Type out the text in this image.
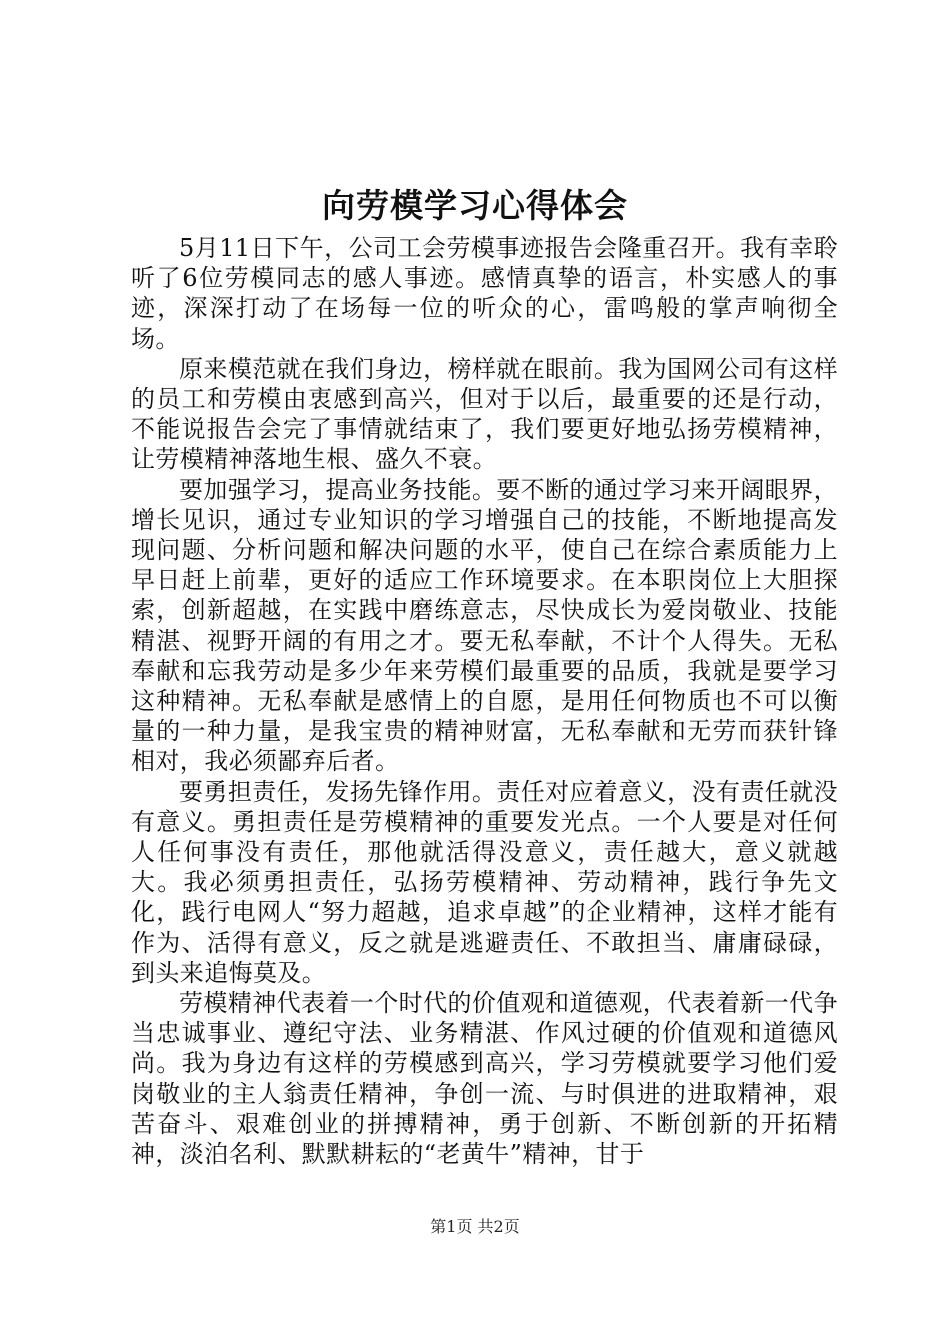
向劳模学习心得体会

5月11日下午，公司工会劳模事迹报告会隆重召开。我有幸聆听了6位劳模同志的感人事迹。感情真挚的语言，朴实感人的事迹，深深打动了在场每一位的听众的心，雷鸣般的掌声响彻全场。

原来模范就在我们身边，榜样就在眼前。我为国网公司有这样的员工和劳模由衷感到高兴，但对于以后，最重要的还是行动，不能说报告会完了事情就结束了，我们要更好地弘扬劳模精神，让劳模精神落地生根、盛久不衰。

要加强学习，提高业务技能。要不断的通过学习来开阔眼界，增长见识，通过专业知识的学习增强自己的技能，不断地提高发现问题、分析问题和解决问题的水平，使自己在综合素质能力上早日赶上前辈，更好的适应工作环境要求。在本职岗位上大胆探索，创新超越，在实践中磨练意志，尽快成长为爱岗敬业、技能精湛、视野开阔的有用之才。要无私奉献，不计个人得失。无私奉献和忘我劳动是多少年来劳模们最重要的品质，我就是要学习这种精神。无私奉献是感情上的自愿，是用任何物质也不可以衡量的一种力量，是我宝贵的精神财富，无私奉献和无劳而获针锋相对，我必须鄙弃后者。

要勇担责任，发扬先锋作用。责任对应着意义，没有责任就没有意义。勇担责任是劳模精神的重要发光点。一个人要是对任何人任何事没有责任，那他就活得没意义，责任越大，意义就越大。我必须勇担责任，弘扬劳模精神、劳动精神，践行争先文化，践行电网人“努力超越，追求卓越”的企业精神，这样才能有作为、活得有意义，反之就是逃避责任、不敢担当、庸庸碌碌，到头来追悔莫及。

劳模精神代表着一个时代的价值观和道德观，代表着新一代争当忠诚事业、遵纪守法、业务精湛、作风过硬的价值观和道德风尚。我为身边有这样的劳模感到高兴，学习劳模就要学习他们爱岗敬业的主人翁责任精神，争创一流、与时俱进的进取精神，艰苦奋斗、艰难创业的拼搏精神，勇于创新、不断创新的开拓精神，淡泊名利、默默耕耘的“老黄牛”精神，甘于

第1页 共2页
